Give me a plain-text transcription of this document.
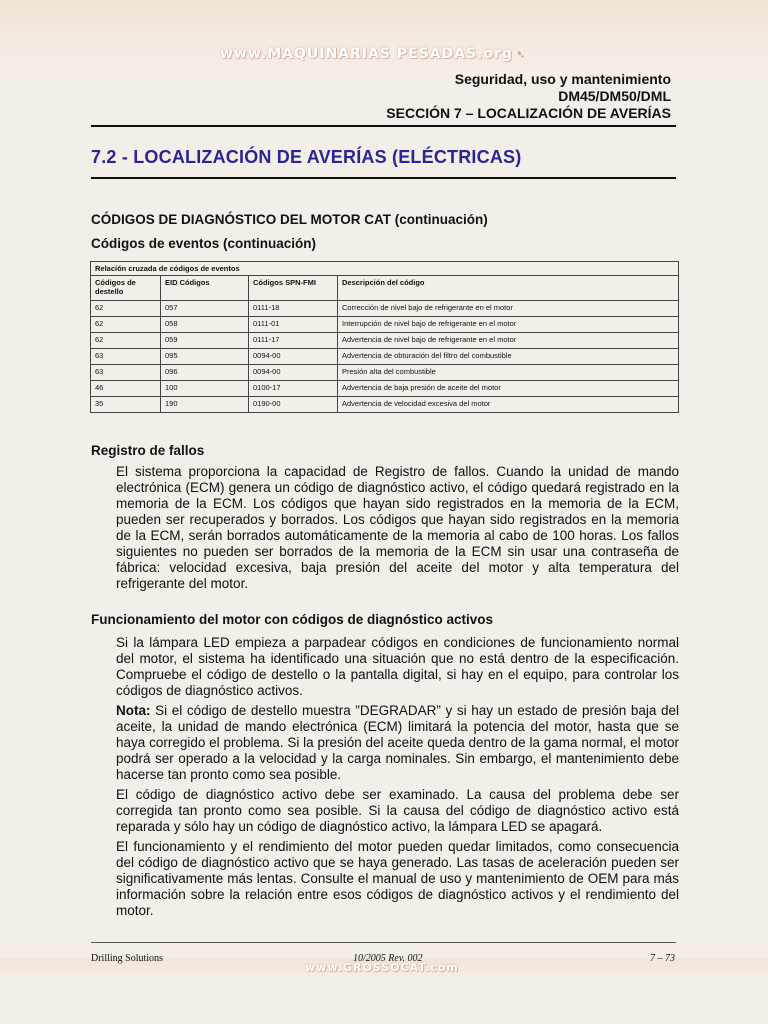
www.MAQUINARIAS PESADAS.org ➴
Seguridad, uso y mantenimiento
DM45/DM50/DML
SECCIÓN 7 – LOCALIZACIÓN DE AVERÍAS
7.2 - LOCALIZACIÓN DE AVERÍAS (ELÉCTRICAS)
CÓDIGOS DE DIAGNÓSTICO DEL MOTOR CAT (continuación)
Códigos de eventos (continuación)
Relación cruzada de códigos de eventos			
Códigos de destello	EID Códigos	Códigos SPN-FMI	Descripción del código
62	057	0111-18	Corrección de nivel bajo de refrigerante en el motor
62	058	0111-01	Interrupción de nivel bajo de refrigerante en el motor
62	059	0111-17	Advertencia de nivel bajo de refrigerante en el motor
63	095	0094-00	Advertencia de obturación del filtro del combustible
63	096	0094-00	Presión alta del combustible
46	100	0100-17	Advertencia de baja presión de aceite del motor
35	190	0190-00	Advertencia de velocidad excesiva del motor
Registro de fallos
El sistema proporciona la capacidad de Registro de fallos. Cuando la unidad de mando electrónica (ECM) genera un código de diagnóstico activo, el código quedará registrado en la memoria de la ECM. Los códigos que hayan sido registrados en la memoria de la ECM, pueden ser recuperados y borrados. Los códigos que hayan sido registrados en la memoria de la ECM, serán borrados automáticamente de la memoria al cabo de 100 horas. Los fallos siguientes no pueden ser borrados de la memoria de la ECM sin usar una contraseña de fábrica: velocidad excesiva, baja presión del aceite del motor y alta temperatura del refrigerante del motor.
Funcionamiento del motor con códigos de diagnóstico activos
Si la lámpara LED empieza a parpadear códigos en condiciones de funcionamiento normal del motor, el sistema ha identificado una situación que no está dentro de la especificación. Compruebe el código de destello o la pantalla digital, si hay en el equipo, para controlar los códigos de diagnóstico activos.
Nota: Si el código de destello muestra ”DEGRADAR” y si hay un estado de presión baja del aceite, la unidad de mando electrónica (ECM) limitará la potencia del motor, hasta que se haya corregido el problema. Si la presión del aceite queda dentro de la gama normal, el motor podrá ser operado a la velocidad y la carga nominales. Sin embargo, el mantenimiento debe hacerse tan pronto como sea posible.
El código de diagnóstico activo debe ser examinado. La causa del problema debe ser corregida tan pronto como sea posible. Si la causa del código de diagnóstico activo está reparada y sólo hay un código de diagnóstico activo, la lámpara LED se apagará.
El funcionamiento y el rendimiento del motor pueden quedar limitados, como consecuencia del código de diagnóstico activo que se haya generado. Las tasas de aceleración pueden ser significativamente más lentas. Consulte el manual de uso y mantenimiento de OEM para más información sobre la relación entre esos códigos de diagnóstico activos y el rendimiento del motor.
Drilling Solutions	10/2005 Rev. 002	7 – 73
www.GROSSOCAT.com
